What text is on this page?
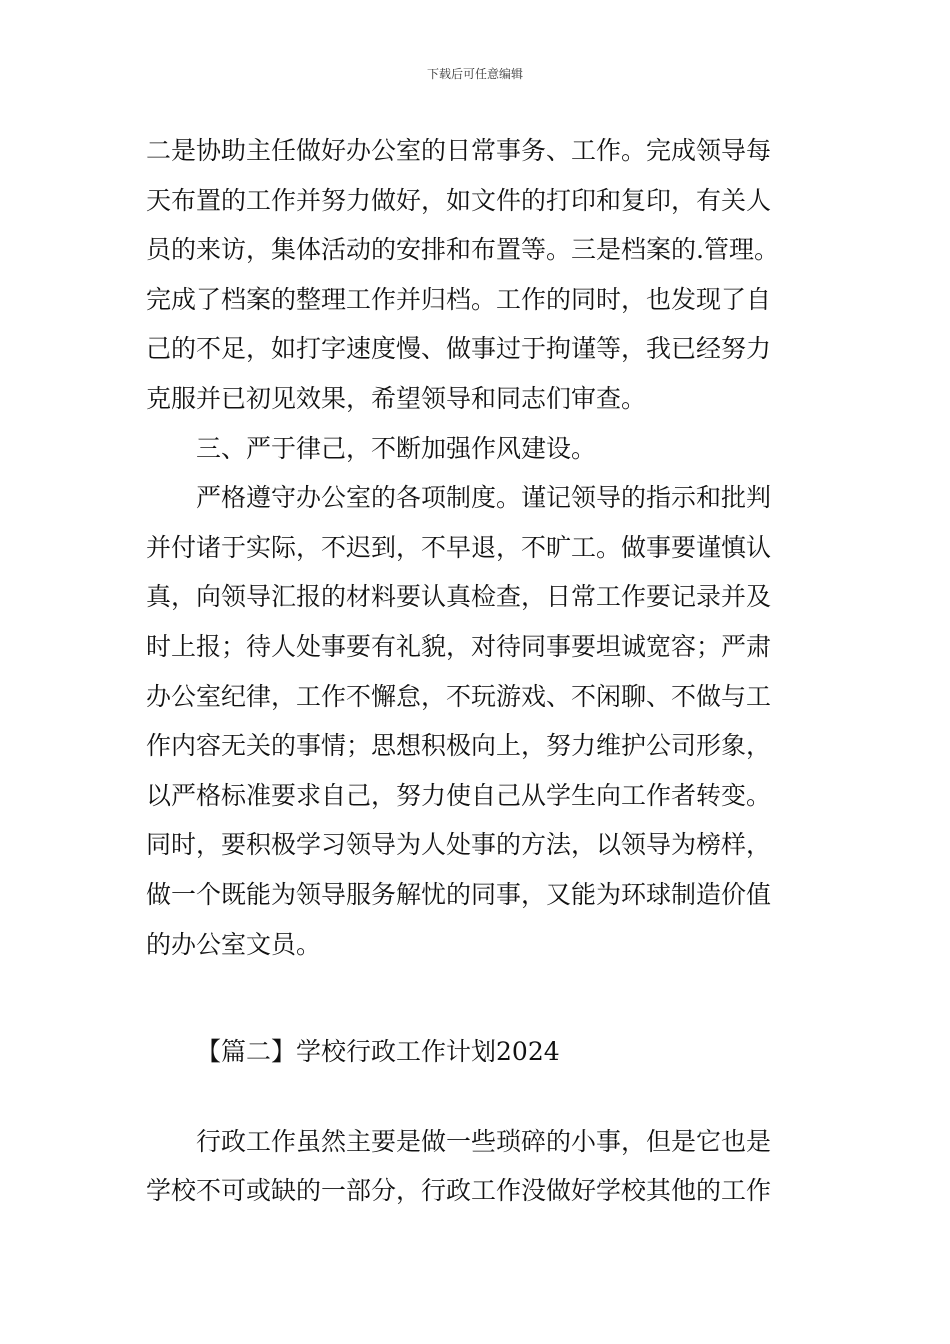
下载后可任意编辑
二是协助主任做好办公室的日常事务、工作。完成领导每
天布置的工作并努力做好，如文件的打印和复印，有关人
员的来访，集体活动的安排和布置等。三是档案的.管理。
完成了档案的整理工作并归档。工作的同时，也发现了自
己的不足，如打字速度慢、做事过于拘谨等，我已经努力
克服并已初见效果，希望领导和同志们审查。
三、严于律己，不断加强作风建设。
严格遵守办公室的各项制度。谨记领导的指示和批判
并付诸于实际，不迟到，不早退，不旷工。做事要谨慎认
真，向领导汇报的材料要认真检查，日常工作要记录并及
时上报；待人处事要有礼貌，对待同事要坦诚宽容；严肃
办公室纪律，工作不懈怠，不玩游戏、不闲聊、不做与工
作内容无关的事情；思想积极向上，努力维护公司形象，
以严格标准要求自己，努力使自己从学生向工作者转变。
同时，要积极学习领导为人处事的方法，以领导为榜样，
做一个既能为领导服务解忧的同事，又能为环球制造价值
的办公室文员。
【篇二】学校行政工作计划2024
行政工作虽然主要是做一些琐碎的小事，但是它也是
学校不可或缺的一部分，行政工作没做好学校其他的工作
